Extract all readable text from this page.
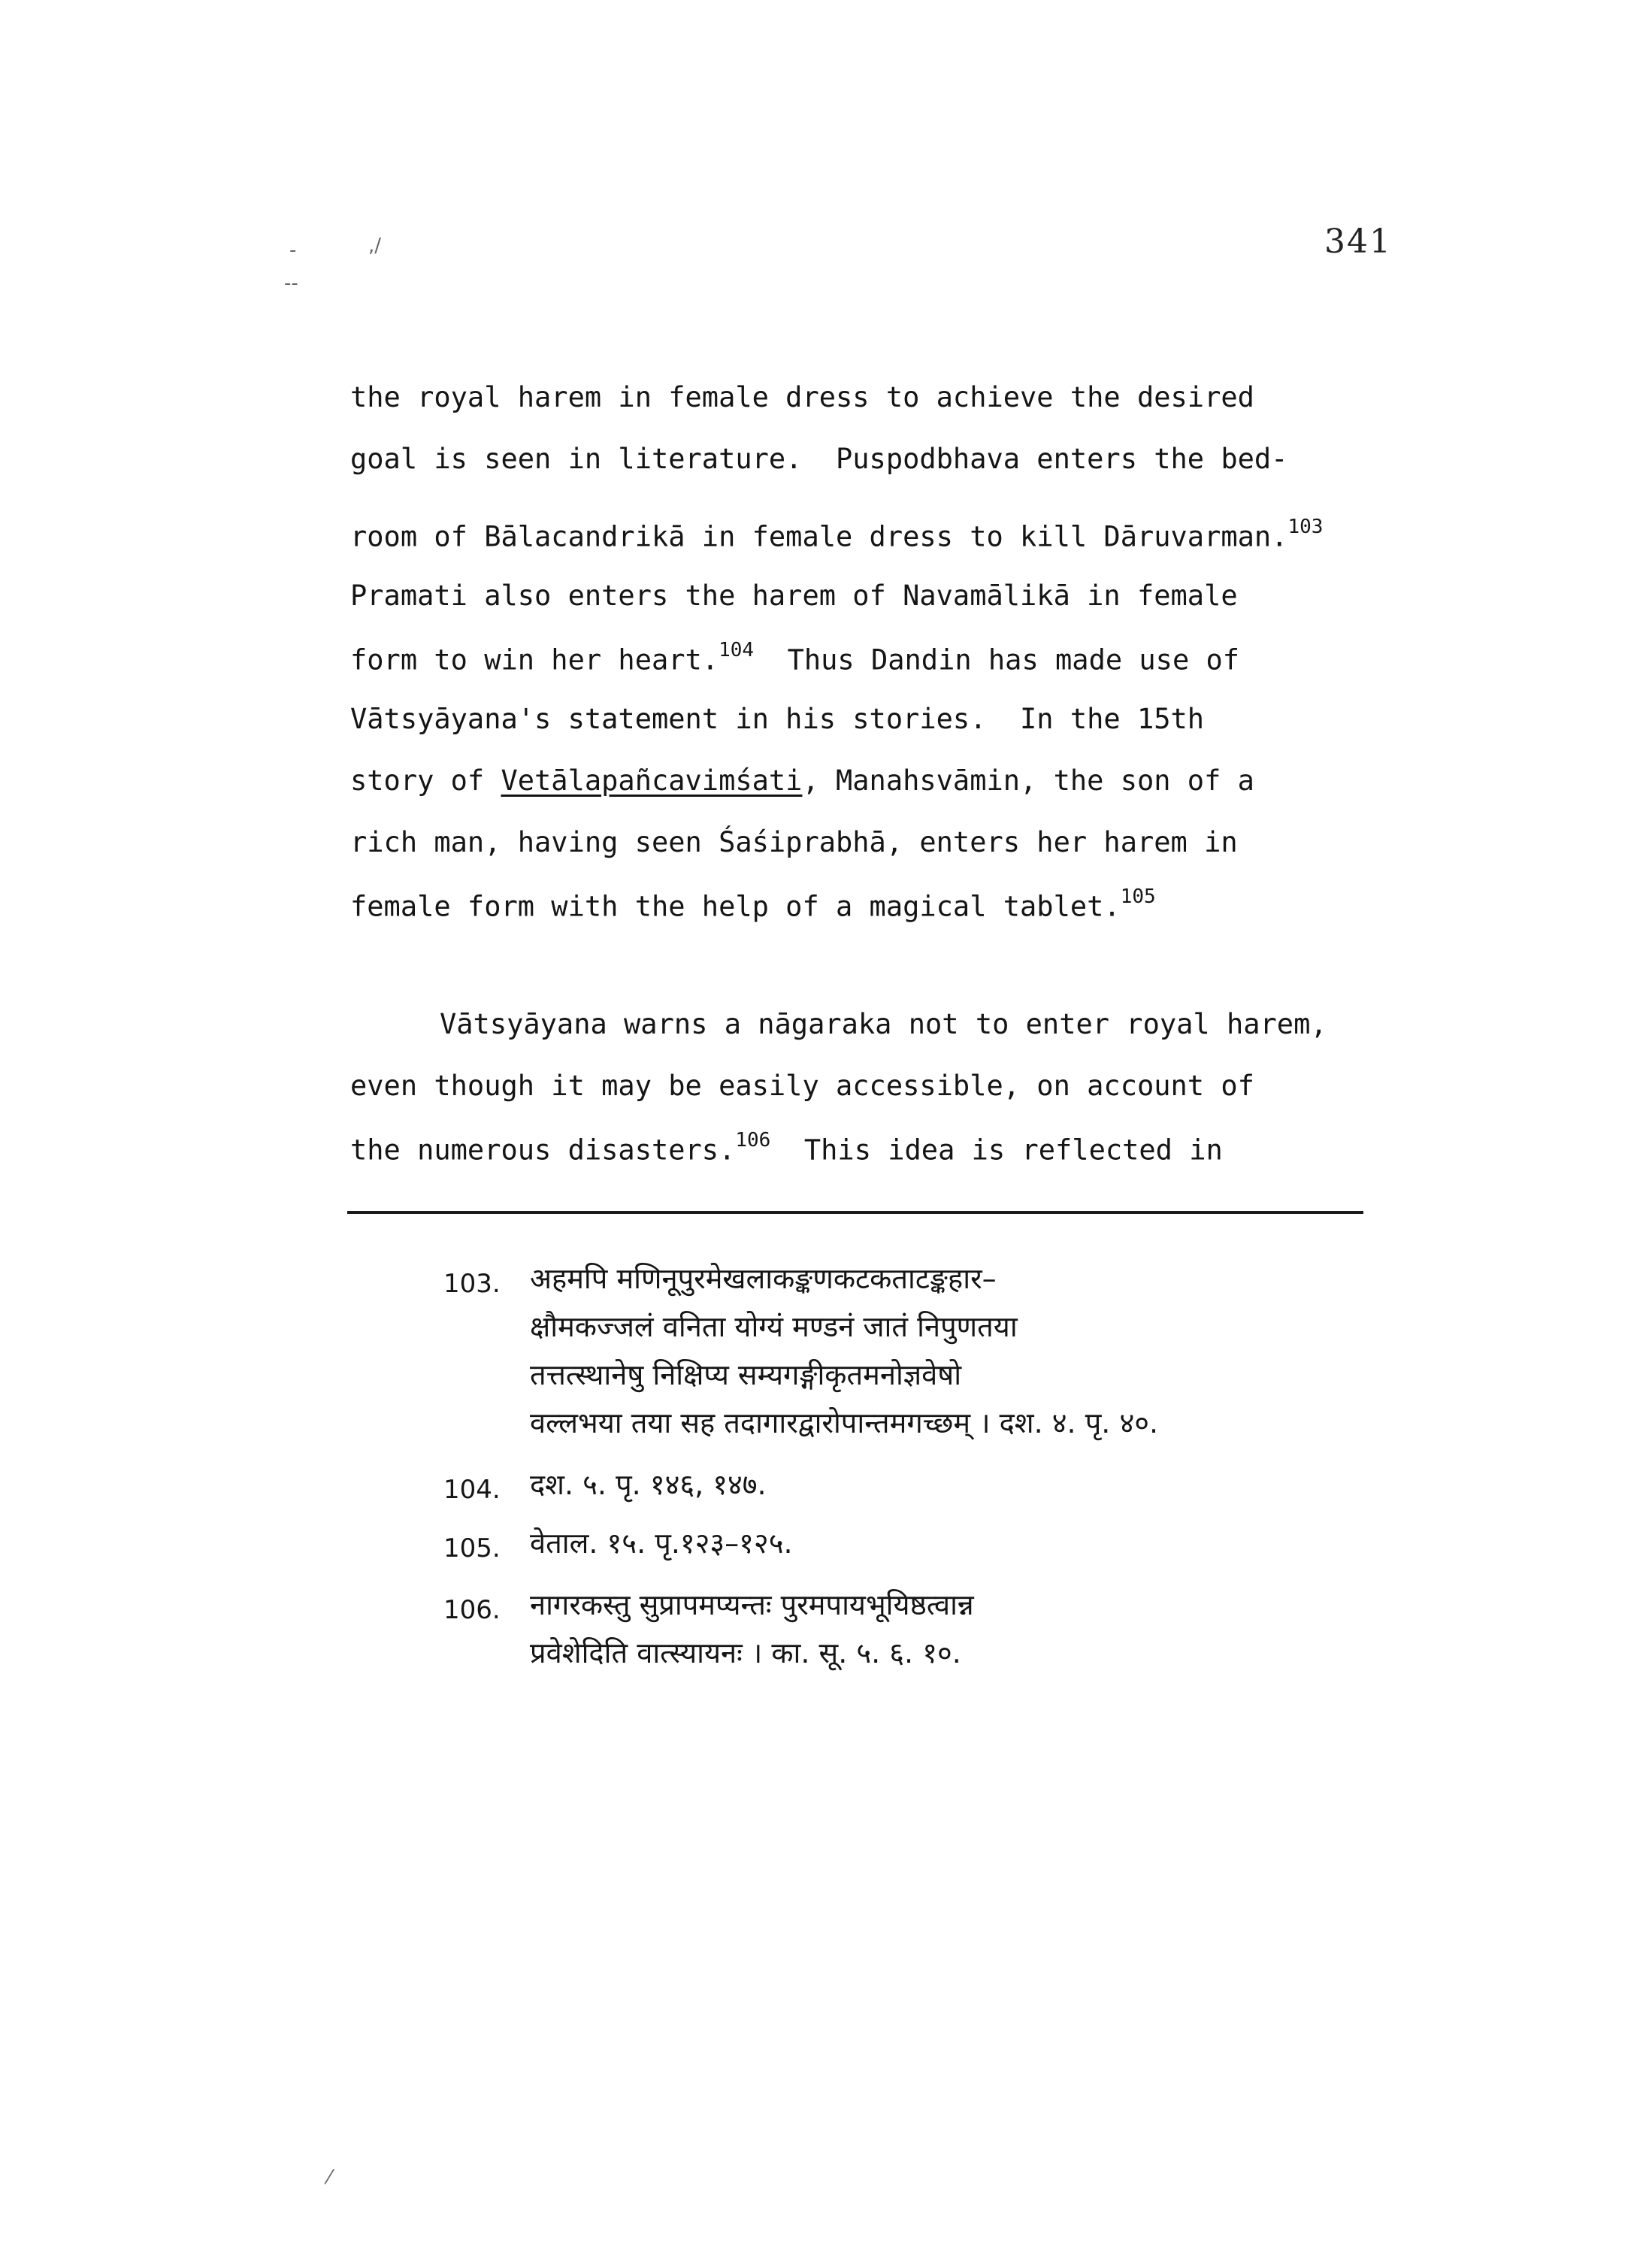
341
-	,/
--
⁄
the royal harem in female dress to achieve the desired
goal is seen in literature.  Puspodbhava enters the bed-
room of Bālacandrikā in female dress to kill Dāruvarman.$^{103}$
Pramati also enters the harem of Navamālikā in female
form to win her heart.$^{104}$  Thus Dandin has made use of
Vātsyāyana's statement in his stories.  In the 15th
story of Vetālapañcavimśati, Manahsvāmin, the son of a
rich man, having seen Śaśiprabhā, enters her harem in
female form with the help of a magical tablet.$^{105}$
Vātsyāyana warns a nāgaraka not to enter royal harem,
even though it may be easily accessible, on account of
the numerous disasters.$^{106}$  This idea is reflected in
103. अहमपि मणिनूपुरमेखलाकङ्कणकटकताटङ्कहार–
क्षौमकज्जलं वनिता योग्यं मण्डनं जातं निपुणतया
तत्तत्स्थानेषु निक्षिप्य सम्यगङ्गीकृतमनोज्ञवेषो
वल्लभया तया सह तदागारद्वारोपान्तमगच्छम् । दश. ४. पृ. ४०.
104. दश. ५. पृ. १४६, १४७.
105. वेताल. १५. पृ.१२३–१२५.
106. नागरकस्तु सुप्रापमप्यन्तः पुरमपायभूयिष्ठत्वान्न
प्रवेशेदिति वात्स्यायनः । का. सू. ५. ६. १०.
